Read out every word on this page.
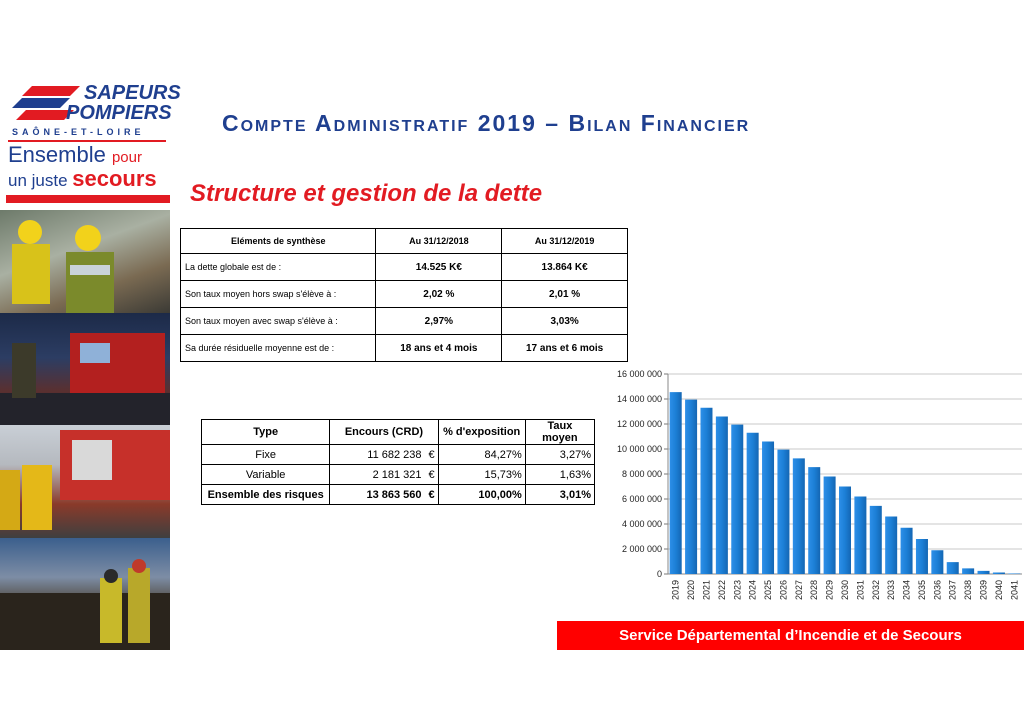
SAPEURS
POMPIERS
SAÔNE-ET-LOIRE
Ensemble pour
un juste secours
Compte Administratif 2019 – Bilan Financier
Structure et gestion de la dette
Eléments de synthèse	Au 31/12/2018	Au 31/12/2019
La dette globale est de :	14.525 K€	13.864 K€
Son taux moyen hors swap s'élève à :	2,02 %	2,01 %
Son taux moyen avec swap s'élève à :	2,97%	3,03%
Sa durée résiduelle moyenne est de :	18 ans et 4 mois	17 ans et 6 mois
Type	Encours (CRD)	% d'exposition	Taux moyen
Fixe	11 682 238 €	84,27%	3,27%
Variable	2 181 321 €	15,73%	1,63%
Ensemble des risques	13 863 560 €	100,00%	3,01%
0
2 000 000
4 000 000
6 000 000
8 000 000
10 000 000
12 000 000
14 000 000
16 000 000
2019 2020 2021 2022 2023 2024 2025 2026 2027 2028 2029 2030 2031 2032 2033 2034 2035 2036 2037 2038 2039 2040 2041
Service Départemental d’Incendie et de Secours
